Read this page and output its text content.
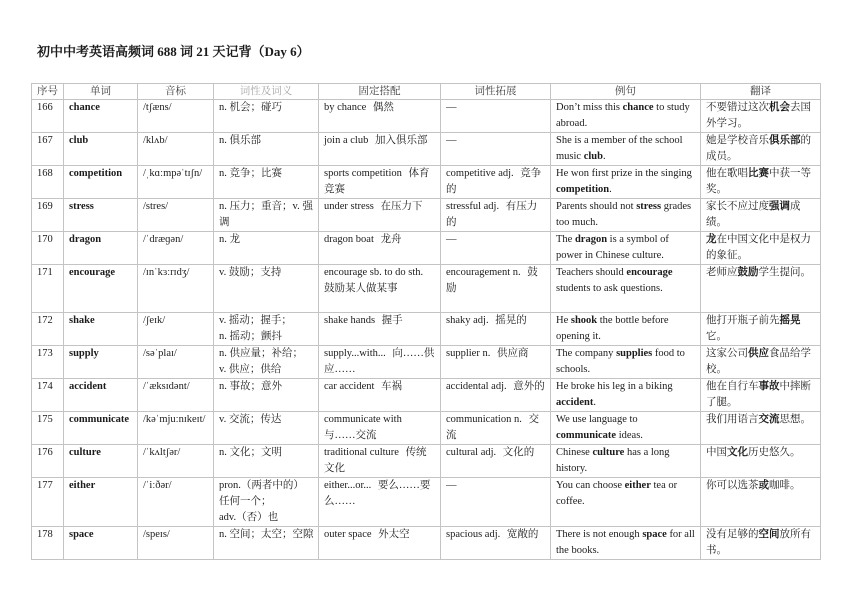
初中中考英语高频词 688 词 21 天记背（Day 6）
序号	单词	音标	词性及词义	固定搭配	词性拓展	例句	翻译
166	chance	/tʃæns/	n. 机会；碰巧	by chance 偶然	—	Don’t miss this chance to study abroad.	不要错过这次机会去国外学习。
167	club	/klʌb/	n. 俱乐部	join a club 加入俱乐部	—	She is a member of the school music club.	她是学校音乐俱乐部的成员。
168	competition	/ˌkɑːmpəˈtɪʃn/	n. 竞争；比赛	sports competition 体育竞赛	competitive adj. 竞争的	He won first prize in the singing competition.	他在歌唱比赛中获一等奖。
169	stress	/stres/	n. 压力；重音；v. 强调	under stress 在压力下	stressful adj. 有压力的	Parents should not stress grades too much.	家长不应过度强调成绩。
170	dragon	/ˈdræɡən/	n. 龙	dragon boat 龙舟	—	The dragon is a symbol of power in Chinese culture.	龙在中国文化中是权力的象征。
171	encourage	/ɪnˈkɜːrɪdʒ/	v. 鼓励；支持	encourage sb. to do sth. 鼓励某人做某事	encouragement n. 鼓励	Teachers should encourage students to ask questions.	老师应鼓励学生提问。
172	shake	/ʃeɪk/	v. 摇动；握手；
n. 摇动；颤抖	shake hands 握手	shaky adj. 摇晃的	He shook the bottle before opening it.	他打开瓶子前先摇晃它。
173	supply	/səˈplaɪ/	n. 供应量；补给；
v. 供应；供给	supply...with... 向……供应……	supplier n. 供应商	The company supplies food to schools.	这家公司供应食品给学校。
174	accident	/ˈæksɪdənt/	n. 事故；意外	car accident 车祸	accidental adj. 意外的	He broke his leg in a biking accident.	他在自行车事故中摔断了腿。
175	communicate	/kəˈmjuːnɪkeɪt/	v. 交流；传达	communicate with 与……交流	communication n. 交流	We use language to communicate ideas.	我们用语言交流思想。
176	culture	/ˈkʌltʃər/	n. 文化；文明	traditional culture 传统文化	cultural adj. 文化的	Chinese culture has a long history.	中国文化历史悠久。
177	either	/ˈiːðər/	pron.（两者中的）
任何一个；
adv.（否）也	either...or... 要么……要么……	—	You can choose either tea or coffee.	你可以选茶或咖啡。
178	space	/speɪs/	n. 空间；太空；空隙	outer space 外太空	spacious adj. 宽敞的	There is not enough space for all the books.	没有足够的空间放所有书。
